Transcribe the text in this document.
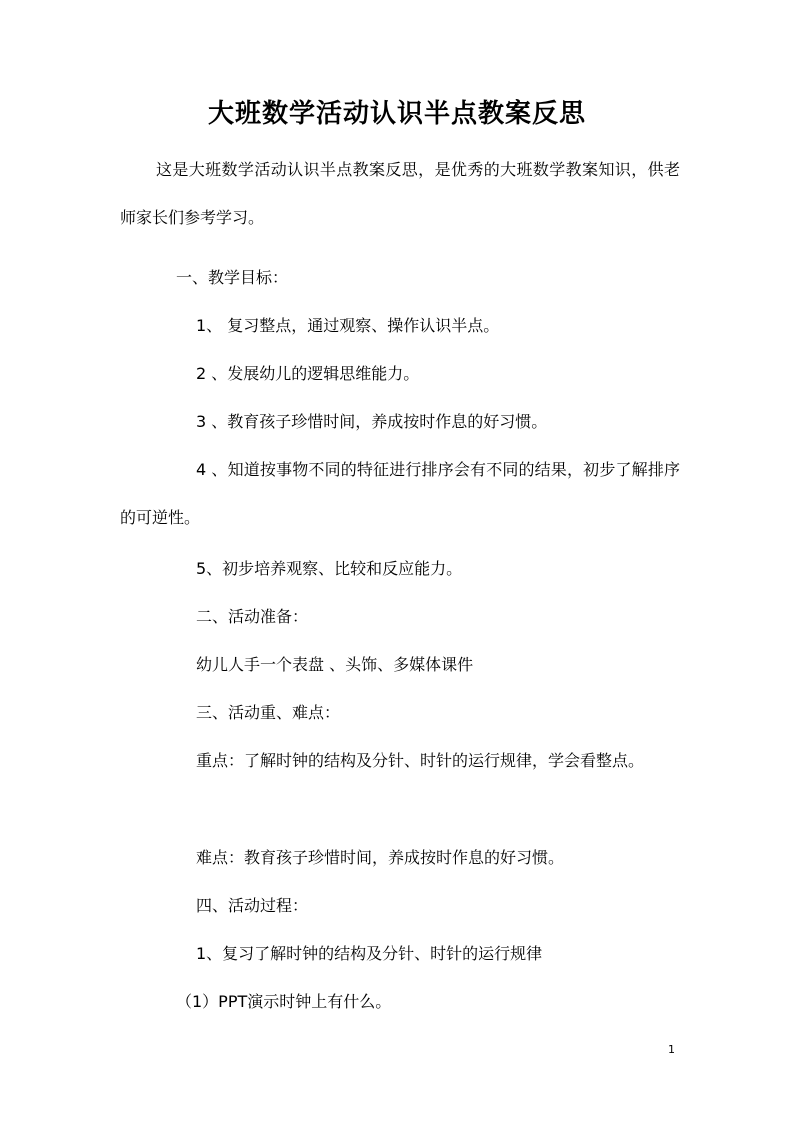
大班数学活动认识半点教案反思

这是大班数学活动认识半点教案反思，是优秀的大班数学教案知识，供老师家长们参考学习。

一、教学目标：

1、 复习整点，通过观察、操作认识半点。

2 、发展幼儿的逻辑思维能力。

3 、教育孩子珍惜时间，养成按时作息的好习惯。

4 、知道按事物不同的特征进行排序会有不同的结果，初步了解排序的可逆性。

5、初步培养观察、比较和反应能力。

二、活动准备：

幼儿人手一个表盘 、头饰、多媒体课件

三、活动重、难点：

重点：了解时钟的结构及分针、时针的运行规律，学会看整点。

难点：教育孩子珍惜时间，养成按时作息的好习惯。

四、活动过程：

1、复习了解时钟的结构及分针、时针的运行规律

（1）PPT演示时钟上有什么。

1
